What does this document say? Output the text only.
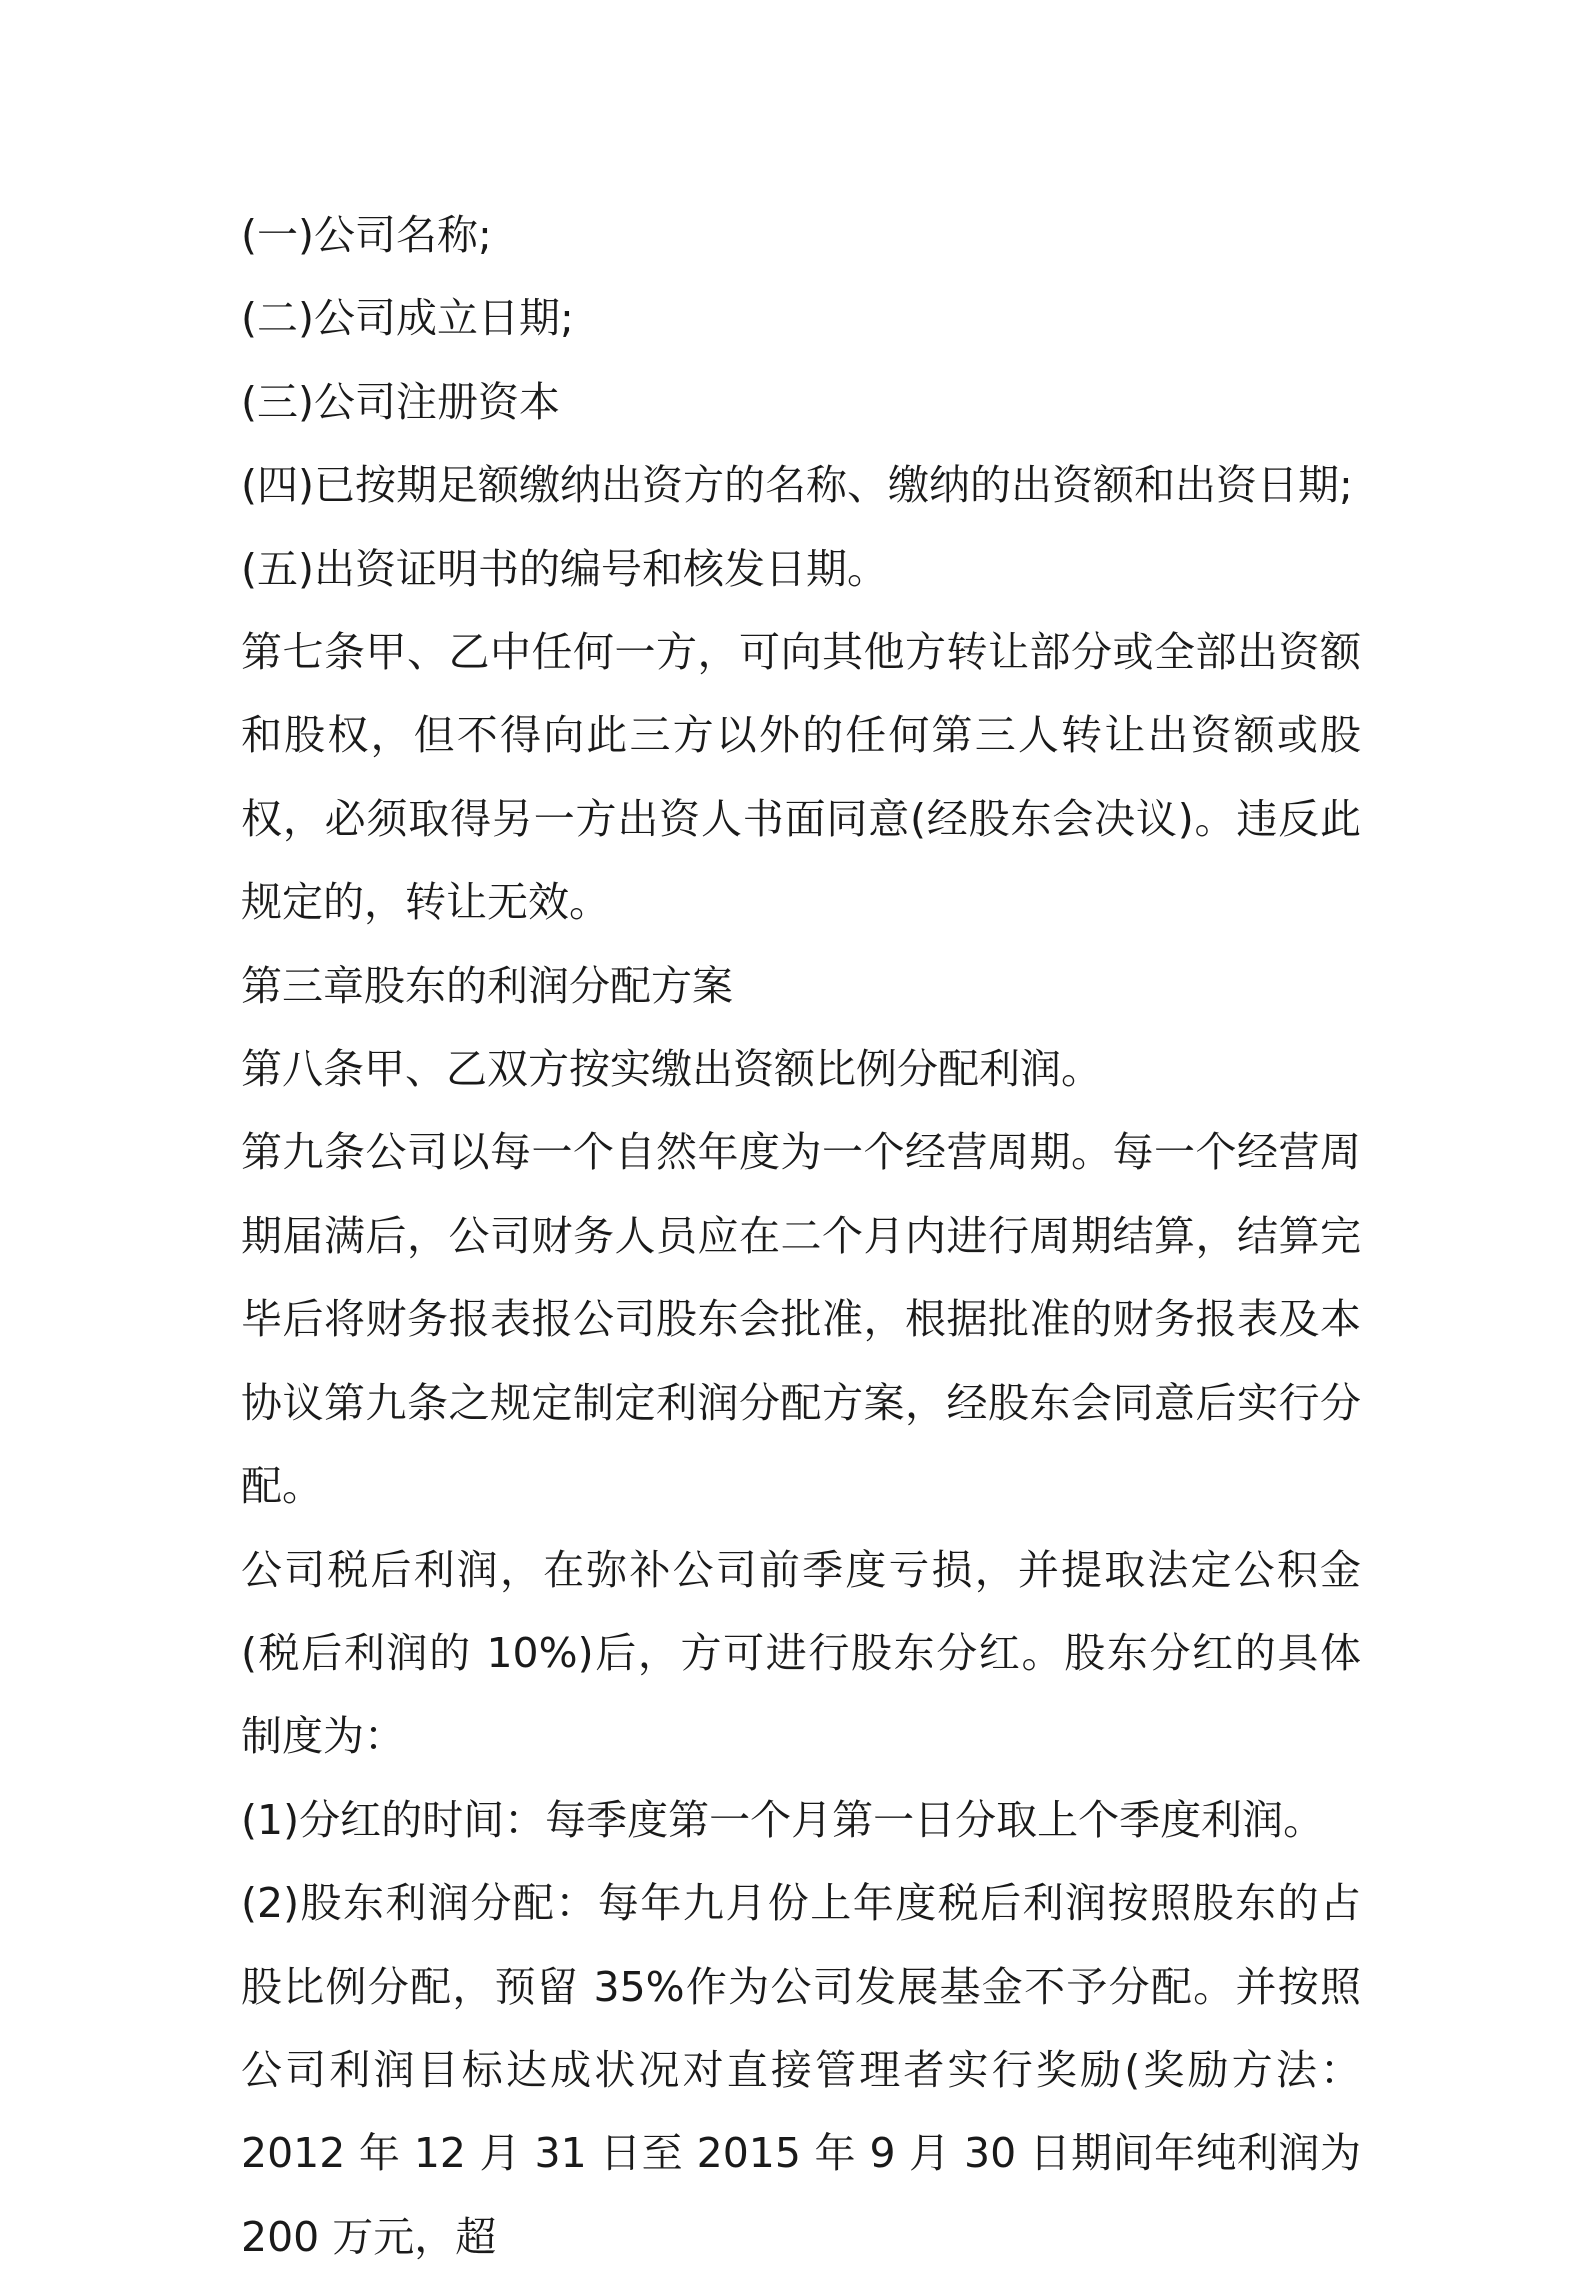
(一)公司名称;

(二)公司成立日期;

(三)公司注册资本

(四)已按期足额缴纳出资方的名称、缴纳的出资额和出资日期;

(五)出资证明书的编号和核发日期。

第七条甲、乙中任何一方，可向其他方转让部分或全部出资额和股权，但不得向此三方以外的任何第三人转让出资额或股权，必须取得另一方出资人书面同意(经股东会决议)。违反此规定的，转让无效。

第三章股东的利润分配方案

第八条甲、乙双方按实缴出资额比例分配利润。

第九条公司以每一个自然年度为一个经营周期。每一个经营周期届满后，公司财务人员应在二个月内进行周期结算，结算完毕后将财务报表报公司股东会批准，根据批准的财务报表及本协议第九条之规定制定利润分配方案，经股东会同意后实行分配。

公司税后利润，在弥补公司前季度亏损，并提取法定公积金(税后利润的 10%)后，方可进行股东分红。股东分红的具体制度为：

(1)分红的时间：每季度第一个月第一日分取上个季度利润。

(2)股东利润分配：每年九月份上年度税后利润按照股东的占股比例分配，预留 35%作为公司发展基金不予分配。并按照公司利润目标达成状况对直接管理者实行奖励(奖励方法：2012 年 12 月 31 日至 2015 年 9 月 30 日期间年纯利润为 200 万元，超
